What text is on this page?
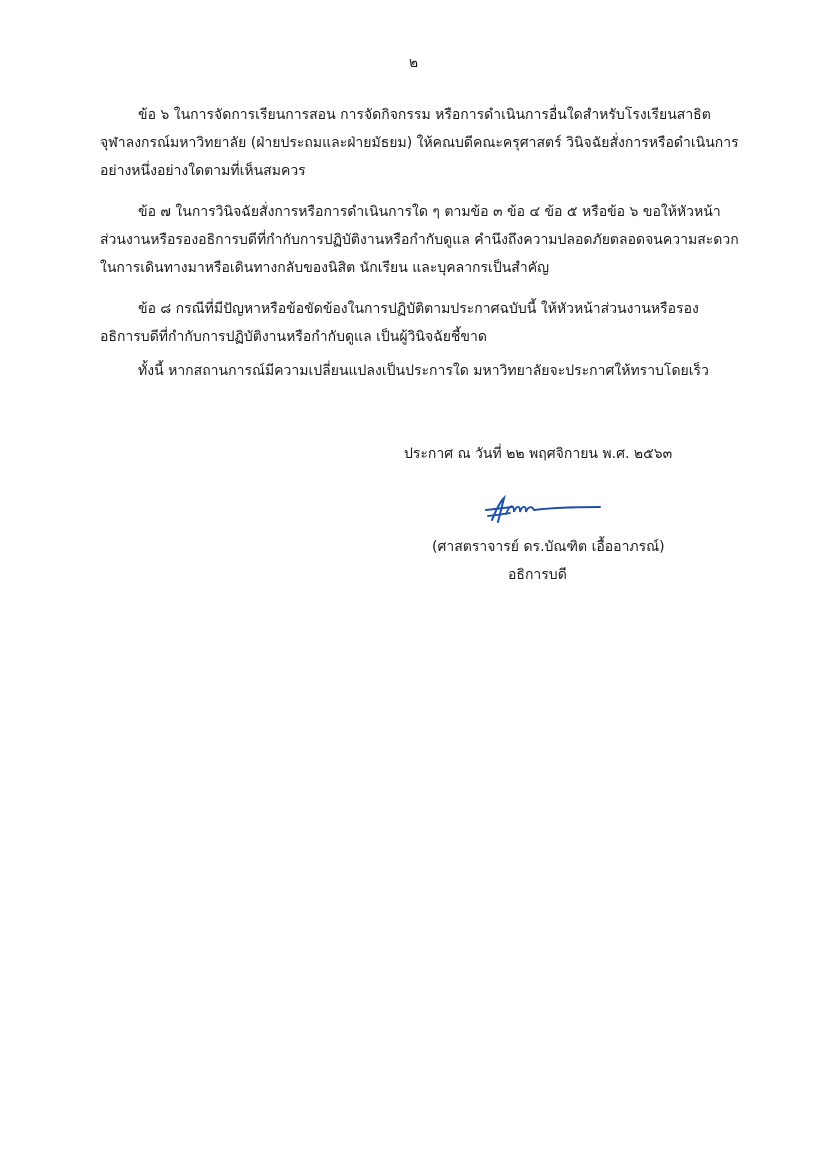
๒
ข้อ ๖ ในการจัดการเรียนการสอน การจัดกิจกรรม หรือการดำเนินการอื่นใดสำหรับโรงเรียนสาธิต
จุฬาลงกรณ์มหาวิทยาลัย (ฝ่ายประถมและฝ่ายมัธยม) ให้คณบดีคณะครุศาสตร์ วินิจฉัยสั่งการหรือดำเนินการ
อย่างหนึ่งอย่างใดตามที่เห็นสมควร
ข้อ ๗ ในการวินิจฉัยสั่งการหรือการดำเนินการใด ๆ ตามข้อ ๓ ข้อ ๔ ข้อ ๕ หรือข้อ ๖ ขอให้หัวหน้า
ส่วนงานหรือรองอธิการบดีที่กำกับการปฏิบัติงานหรือกำกับดูแล คำนึงถึงความปลอดภัยตลอดจนความสะดวก
ในการเดินทางมาหรือเดินทางกลับของนิสิต นักเรียน และบุคลากรเป็นสำคัญ
ข้อ ๘ กรณีที่มีปัญหาหรือข้อขัดข้องในการปฏิบัติตามประกาศฉบับนี้ ให้หัวหน้าส่วนงานหรือรอง
อธิการบดีที่กำกับการปฏิบัติงานหรือกำกับดูแล เป็นผู้วินิจฉัยชี้ขาด
ทั้งนี้ หากสถานการณ์มีความเปลี่ยนแปลงเป็นประการใด มหาวิทยาลัยจะประกาศให้ทราบโดยเร็ว
ประกาศ ณ วันที่ ๒๒ พฤศจิกายน พ.ศ. ๒๕๖๓
(ศาสตราจารย์ ดร.บัณฑิต เอื้ออาภรณ์)
อธิการบดี
